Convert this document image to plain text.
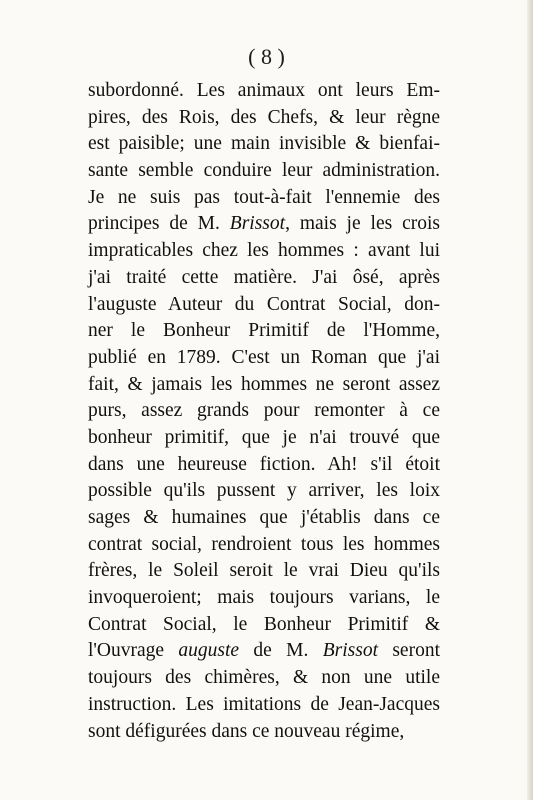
( 8 )
subordonné. Les animaux ont leurs Em-
pires, des Rois, des Chefs, & leur règne
est paisible; une main invisible & bienfai-
sante semble conduire leur administration.
Je ne suis pas tout-à-fait l'ennemie des
principes de M. Brissot, mais je les crois
impraticables chez les hommes : avant lui
j'ai traité cette matière. J'ai ôsé, après
l'auguste Auteur du Contrat Social, don-
ner le Bonheur Primitif de l'Homme,
publié en 1789. C'est un Roman que j'ai
fait, & jamais les hommes ne seront assez
purs, assez grands pour remonter à ce
bonheur primitif, que je n'ai trouvé que
dans une heureuse fiction. Ah! s'il étoit
possible qu'ils pussent y arriver, les loix
sages & humaines que j'établis dans ce
contrat social, rendroient tous les hommes
frères, le Soleil seroit le vrai Dieu qu'ils
invoqueroient; mais toujours varians, le
Contrat Social, le Bonheur Primitif &
l'Ouvrage auguste de M. Brissot seront
toujours des chimères, & non une utile
instruction. Les imitations de Jean-Jacques
sont défigurées dans ce nouveau régime,
